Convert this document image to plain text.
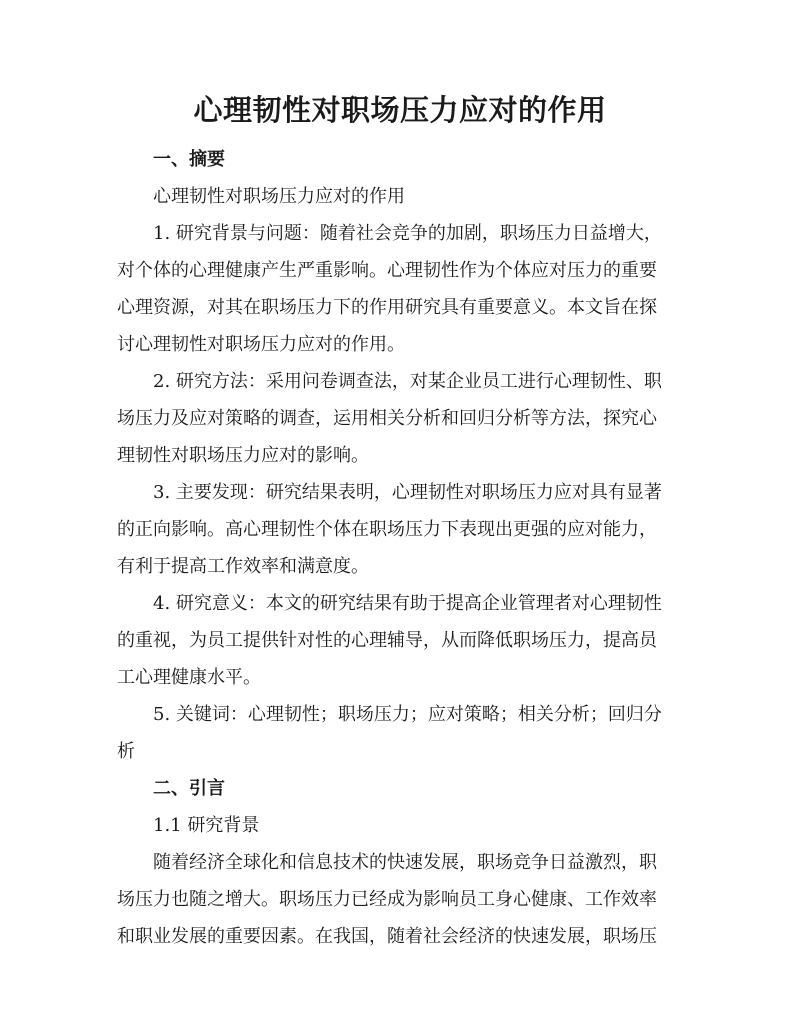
心理韧性对职场压力应对的作用
一、摘要

心理韧性对职场压力应对的作用

1. 研究背景与问题：随着社会竞争的加剧，职场压力日益增大，

对个体的心理健康产生严重影响。心理韧性作为个体应对压力的重要

心理资源，对其在职场压力下的作用研究具有重要意义。本文旨在探

讨心理韧性对职场压力应对的作用。

2. 研究方法：采用问卷调查法，对某企业员工进行心理韧性、职

场压力及应对策略的调查，运用相关分析和回归分析等方法，探究心

理韧性对职场压力应对的影响。

3. 主要发现：研究结果表明，心理韧性对职场压力应对具有显著

的正向影响。高心理韧性个体在职场压力下表现出更强的应对能力，

有利于提高工作效率和满意度。

4. 研究意义：本文的研究结果有助于提高企业管理者对心理韧性

的重视，为员工提供针对性的心理辅导，从而降低职场压力，提高员

工心理健康水平。

5. 关键词：心理韧性；职场压力；应对策略；相关分析；回归分

析

二、引言

1.1 研究背景

随着经济全球化和信息技术的快速发展，职场竞争日益激烈，职

场压力也随之增大。职场压力已经成为影响员工身心健康、工作效率

和职业发展的重要因素。在我国，随着社会经济的快速发展，职场压
